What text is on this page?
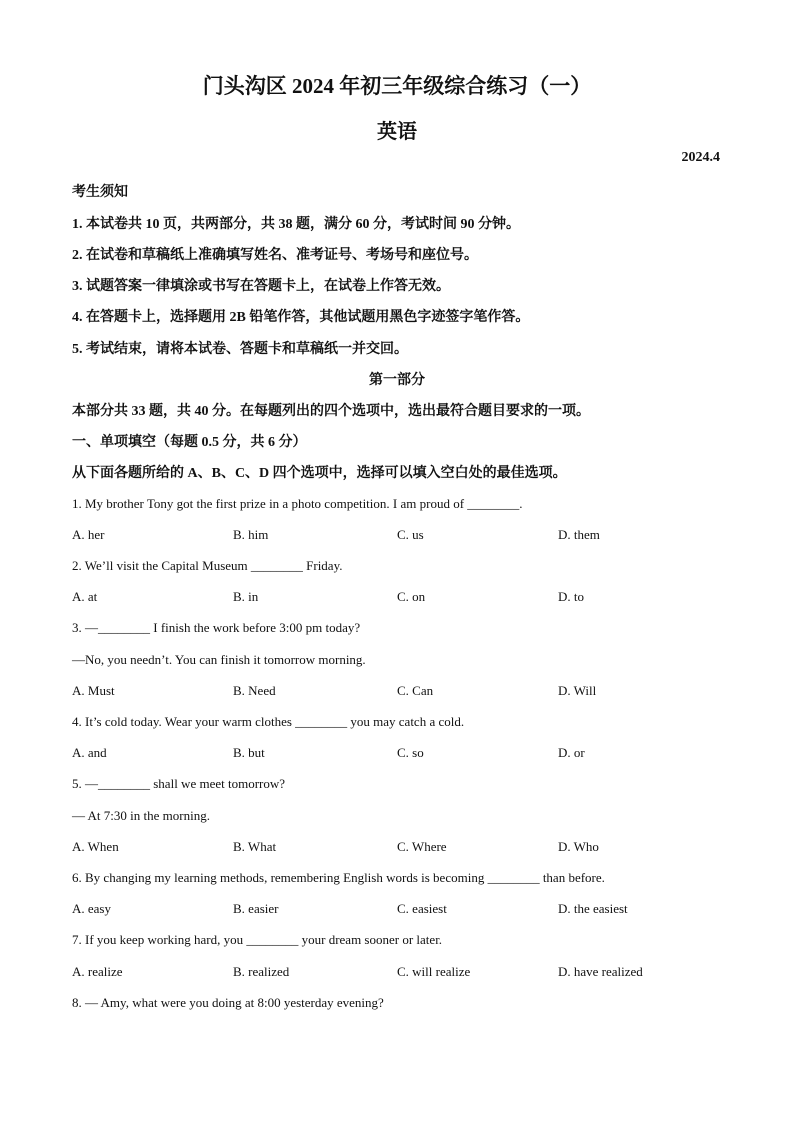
门头沟区 2024 年初三年级综合练习（一）
英语
2024.4
考生须知
1. 本试卷共 10 页，共两部分，共 38 题，满分 60 分，考试时间 90 分钟。
2. 在试卷和草稿纸上准确填写姓名、准考证号、考场号和座位号。
3. 试题答案一律填涂或书写在答题卡上，在试卷上作答无效。
4. 在答题卡上，选择题用 2B 铅笔作答，其他试题用黑色字迹签字笔作答。
5. 考试结束，请将本试卷、答题卡和草稿纸一并交回。
第一部分
本部分共 33 题，共 40 分。在每题列出的四个选项中，选出最符合题目要求的一项。
一、单项填空（每题 0.5 分，共 6 分）
从下面各题所给的 A、B、C、D 四个选项中，选择可以填入空白处的最佳选项。
1. My brother Tony got the first prize in a photo competition. I am proud of ________.
A. her	B. him	C. us	D. them
2. We’ll visit the Capital Museum ________ Friday.
A. at	B. in	C. on	D. to
3. —________ I finish the work before 3:00 pm today?
—No, you needn’t. You can finish it tomorrow morning.
A. Must	B. Need	C. Can	D. Will
4. It’s cold today. Wear your warm clothes ________ you may catch a cold.
A. and	B. but	C. so	D. or
5. —________ shall we meet tomorrow?
— At 7:30 in the morning.
A. When	B. What	C. Where	D. Who
6. By changing my learning methods, remembering English words is becoming ________ than before.
A. easy	B. easier	C. easiest	D. the easiest
7. If you keep working hard, you ________ your dream sooner or later.
A. realize	B. realized	C. will realize	D. have realized
8. — Amy, what were you doing at 8:00 yesterday evening?
